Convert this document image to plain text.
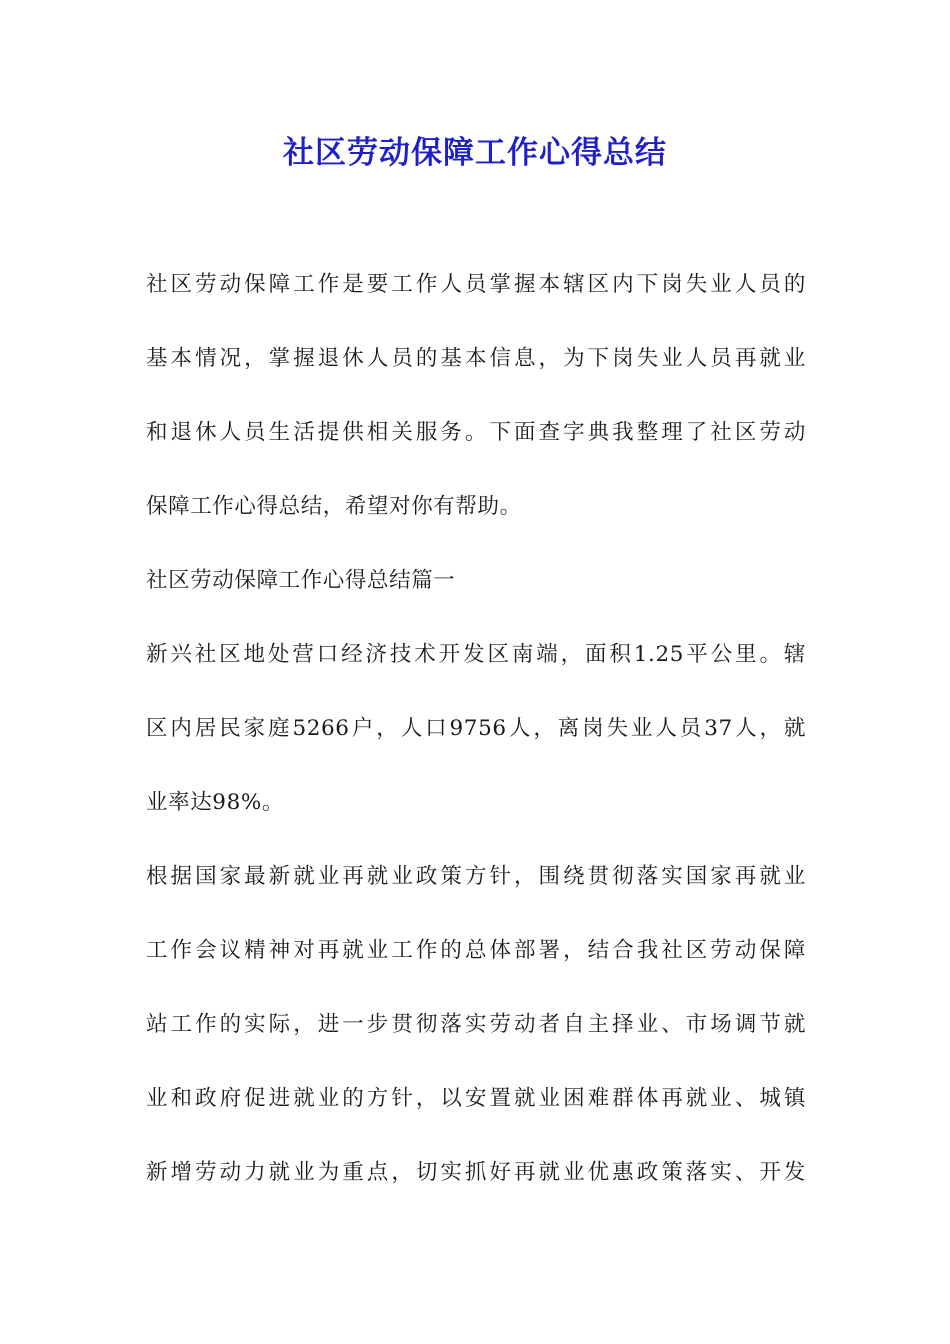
社区劳动保障工作心得总结
社区劳动保障工作是要工作人员掌握本辖区内下岗失业人员的
基本情况，掌握退休人员的基本信息，为下岗失业人员再就业
和退休人员生活提供相关服务。下面查字典我整理了社区劳动
保障工作心得总结，希望对你有帮助。
社区劳动保障工作心得总结篇一
新兴社区地处营口经济技术开发区南端，面积1.25平公里。辖
区内居民家庭5266户，人口9756人，离岗失业人员37人，就
业率达98%。
根据国家最新就业再就业政策方针，围绕贯彻落实国家再就业
工作会议精神对再就业工作的总体部署，结合我社区劳动保障
站工作的实际，进一步贯彻落实劳动者自主择业、市场调节就
业和政府促进就业的方针，以安置就业困难群体再就业、城镇
新增劳动力就业为重点，切实抓好再就业优惠政策落实、开发
